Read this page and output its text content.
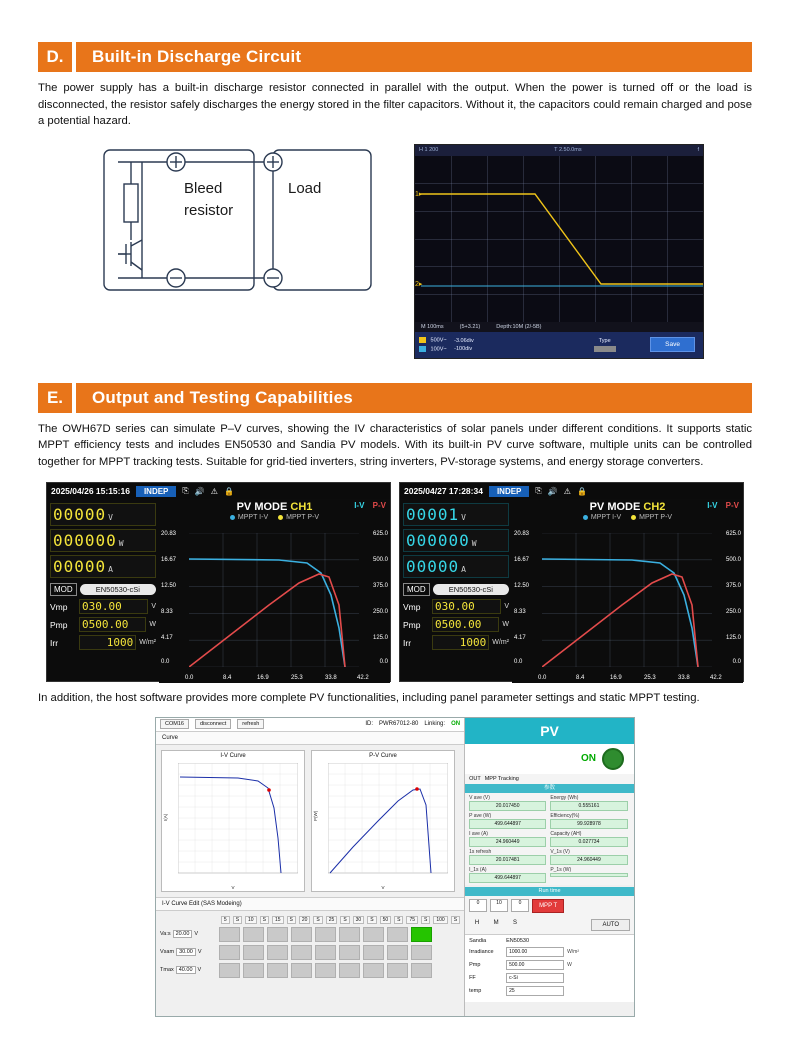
D.	Built-in Discharge Circuit

The power supply has a built-in discharge resistor connected in parallel with the output. When the power is turned off or the load is disconnected, the resistor safely discharges the energy stored in the filter capacitors. Without it, the capacitors could remain charged and pose a potential hazard.

Bleed
resistor
Load
H 1 200	T 2.50.0ms	f
1▸
2▸
M 100ms	(5+3.21)	Depth:10M (2/-5B)
500V~ -3.06div
100V~ -100div
Type
Save
E.	Output and Testing Capabilities

The OWH67D series can simulate P–V curves, showing the IV characteristics of solar panels under different conditions. It supports static MPPT efficiency tests and includes EN50530 and Sandia PV models. With its built-in PV curve software, multiple units can be controlled together for MPPT tracking tests. Suitable for grid-tied inverters, string inverters, PV-storage systems, and energy storage converters.

2025/04/26 15:15:16	INDEP	⎘ 🔊 ⚠ 🔒
00000 V
000000 W
00000 A
MOD	EN50530-cSi
Vmp	030.00	V
Pmp	0500.00	W
Irr	1000 W/m²
PV MODE CH1
MPPT I-V	MPPT P-V
I-V P-V
20.83
16.67
12.50
8.33
4.17
0.0
625.0
500.0
375.0
250.0
125.0
0.0
0.0	8.4	16.9	25.3	33.8	42.2
2025/04/27 17:28:34	INDEP	⎘ 🔊 ⚠ 🔒
00001 V
000000 W
00000 A
MOD	EN50530-cSi
Vmp	030.00	V
Pmp	0500.00	W
Irr	1000 W/m²
PV MODE CH2
MPPT I-V	MPPT P-V
I-V P-V
20.83
16.67
12.50
8.33
4.17
0.0
625.0
500.0
375.0
250.0
125.0
0.0
0.0	8.4	16.9	25.3	33.8	42.2

In addition, the host software provides more complete PV functionalities, including panel parameter settings and static MPPT testing.

COM16	disconnect	refresh	ID: PWR67012-80 Linking: ON
Curve
I-V Curve
I(A)
V
P-V Curve
P(W)
V
I-V Curve Edit (SAS Modeing)
5	S	10	S	15	S	20	S	25	S	30	S	50	S	75	S	100	S
Va:s 20.00 V
Vsam 30.00 V
Tmax 40.00 V
PV
ON
OUT MPP Tracking
参数
V ave (V)
20.017450
Energy (Wh)
0.555161
P ave (W)
499.644897
Efficiency(%)
99.928978
I ave (A)
24.960449
Capacity (AH)
0.027734
1s refresh
20.017481
V_1s (V)
24.960449
I_1s (A)
499.644897
P_1s (W)
Run time
0	10	0	MPP T
H	M	S	AUTO
Sandia	EN50530
Irradiance	1000.00	W/m²
Pmp	500.00	W
FF	c-Si
temp	25
